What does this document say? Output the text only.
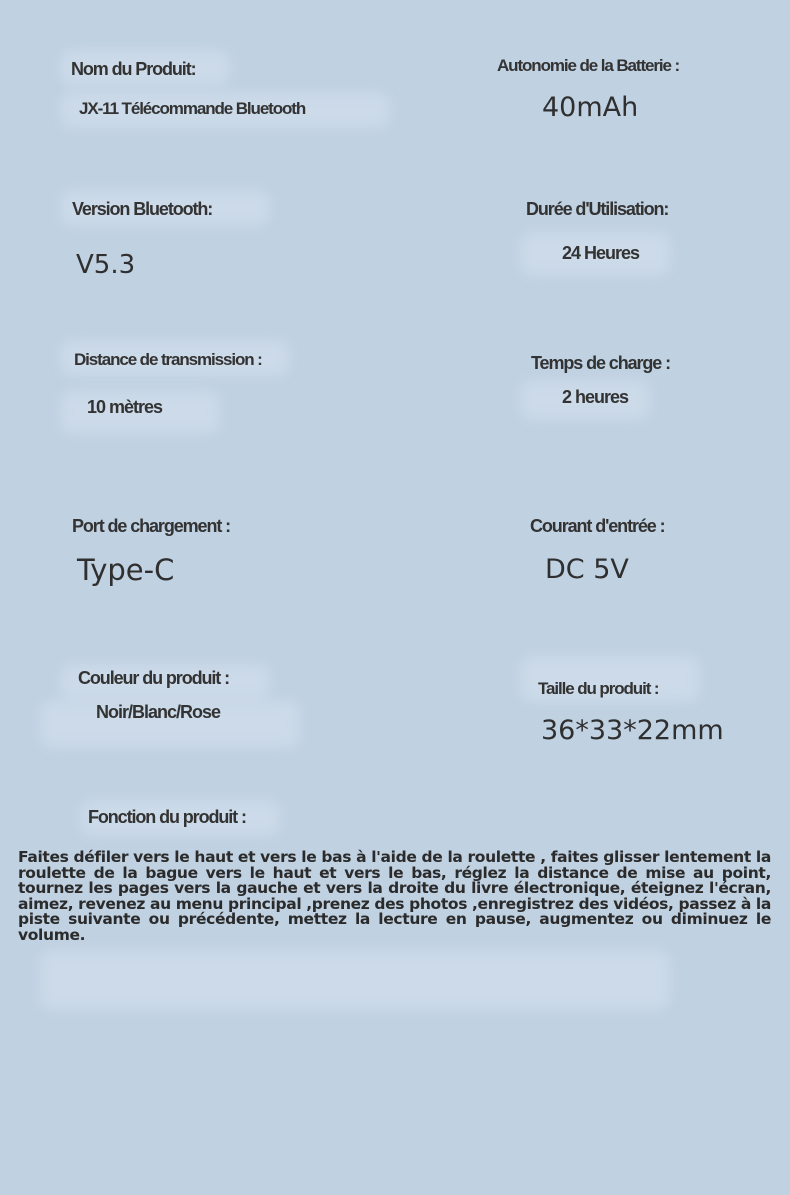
Nom du Produit:
JX-11 Télécommande Bluetooth
Version Bluetooth:
V5.3
Distance de transmission :
10 mètres
Port de chargement :
Type-C
Couleur du produit :
Noir/Blanc/Rose
Fonction du produit :
Autonomie de la Batterie :
40mAh
Durée d'Utilisation:
24 Heures
Temps de charge :
2 heures
Courant d'entrée :
DC 5V
Taille du produit :
36*33*22mm
Faites défiler vers le haut et vers le bas à l'aide de la roulette , faites glisser lentement la roulette de la bague vers le haut et vers le bas, réglez la distance de mise au point, tournez les pages vers la gauche et vers la droite du livre électronique, éteignez l'écran, aimez, revenez au menu principal ,prenez des photos ,enregistrez des vidéos, passez à la piste suivante ou précédente, mettez la lecture en pause, augmentez ou diminuez le volume.
